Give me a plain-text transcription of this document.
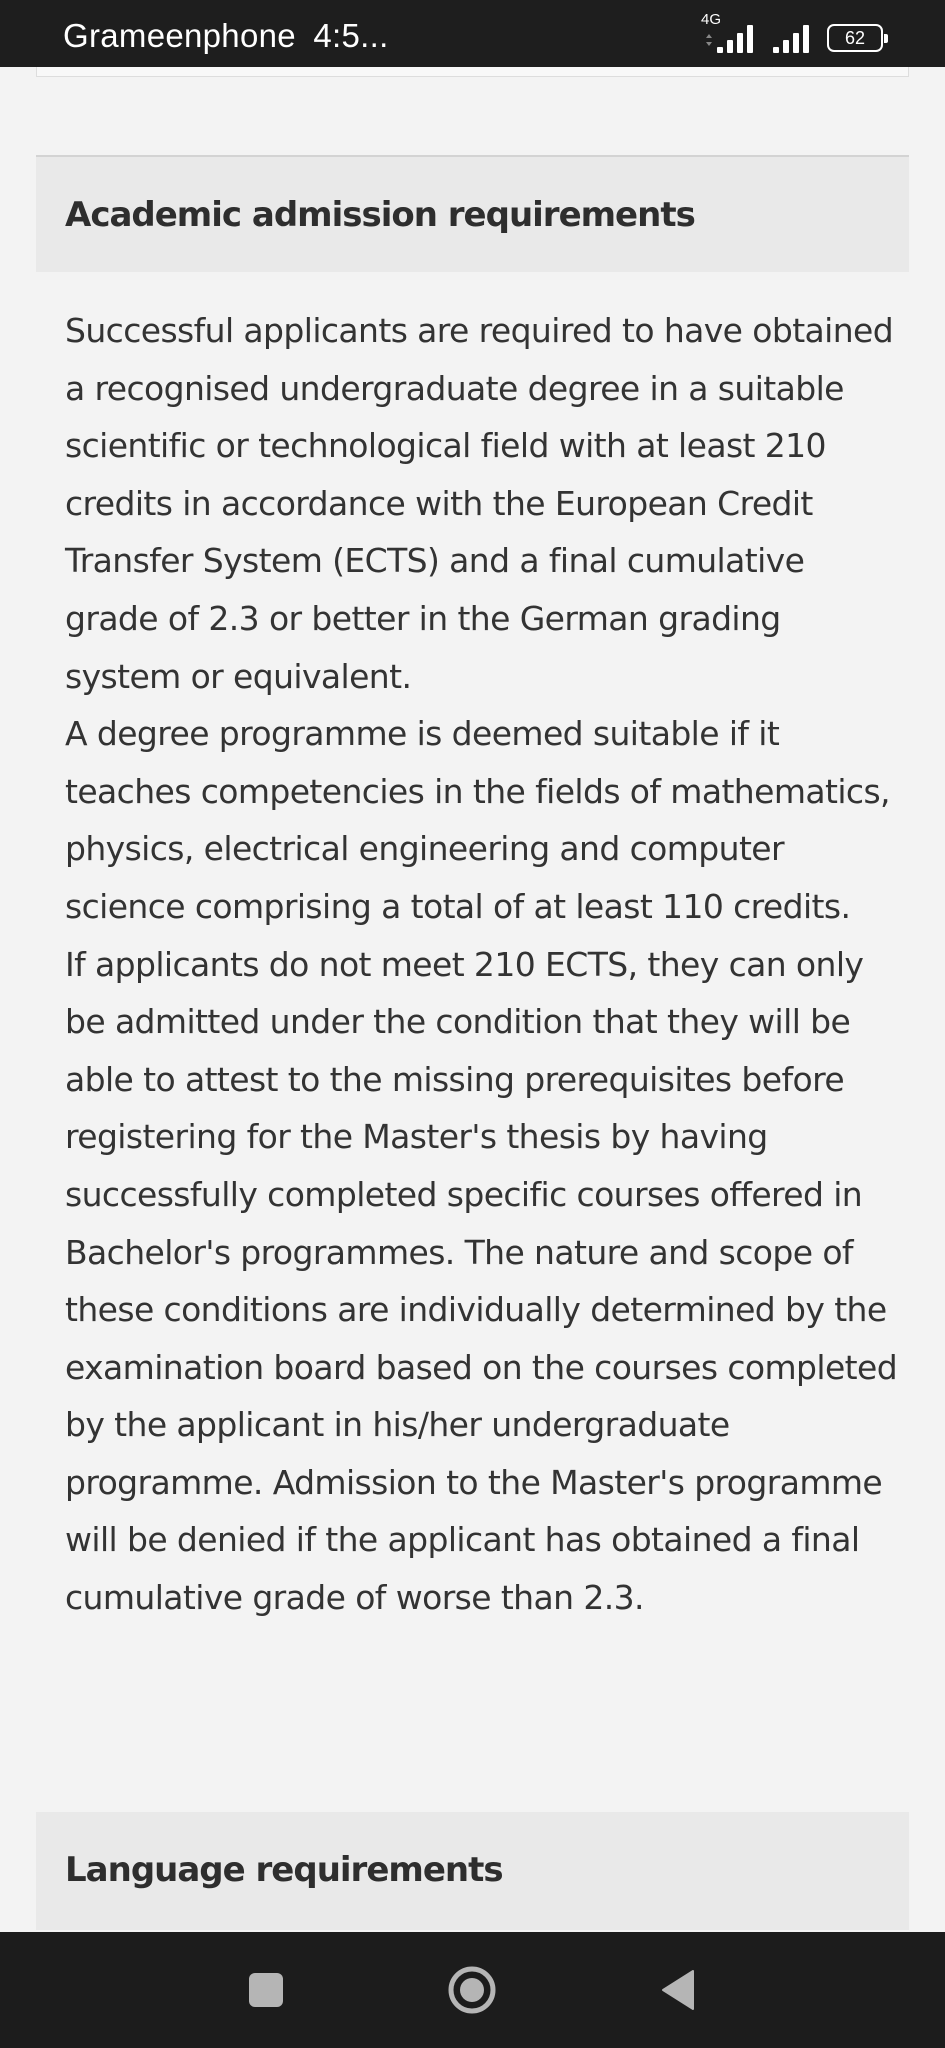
Grameenphone 4:5...	4G
62
Academic admission requirements

Successful applicants are required to have obtained a recognised undergraduate degree in a suitable scientific or technological field with at least 210 credits in accordance with the European Credit Transfer System (ECTS) and a final cumulative grade of 2.3 or better in the German grading system or equivalent.

A degree programme is deemed suitable if it teaches competencies in the fields of mathematics, physics, electrical engineering and computer science comprising a total of at least 110 credits.

If applicants do not meet 210 ECTS, they can only be admitted under the condition that they will be able to attest to the missing prerequisites before registering for the Master's thesis by having successfully completed specific courses offered in Bachelor's programmes. The nature and scope of these conditions are individually determined by the examination board based on the courses completed by the applicant in his/her undergraduate programme. Admission to the Master's programme will be denied if the applicant has obtained a final cumulative grade of worse than 2.3.

Language requirements
